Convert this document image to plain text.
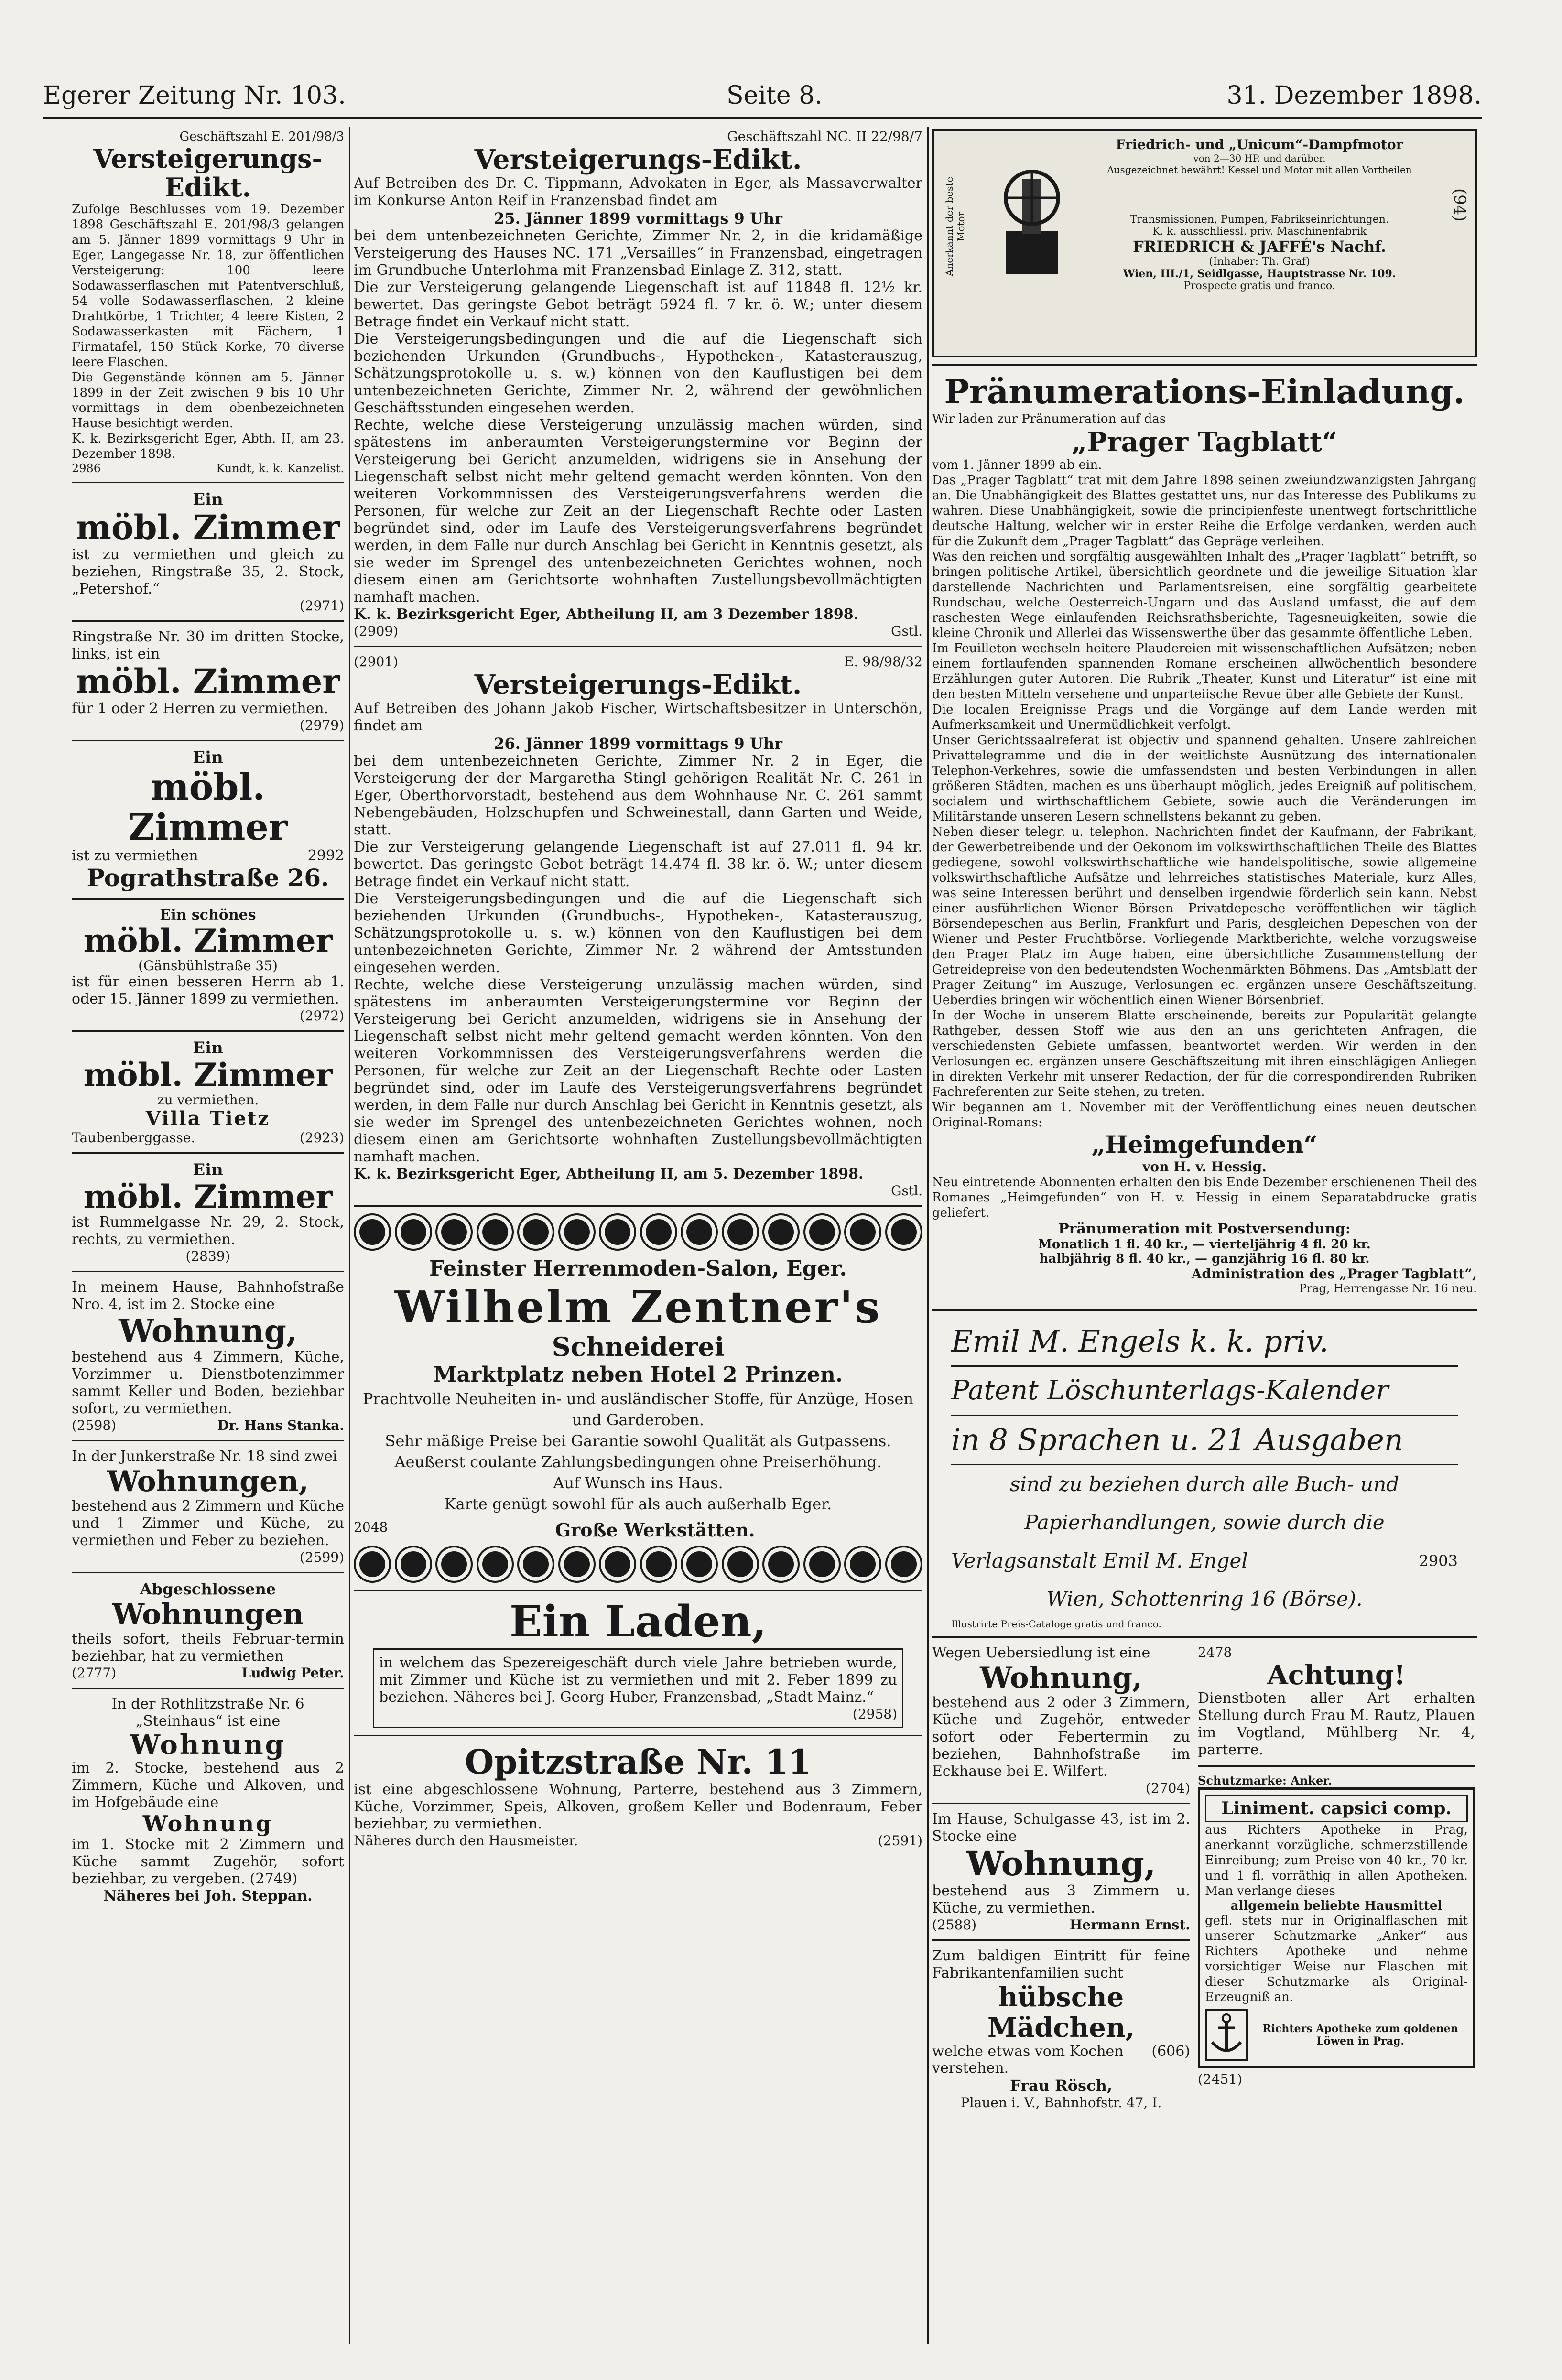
Egerer Zeitung Nr. 103.	Seite 8.	31. Dezember 1898.

Geschäftszahl E. 201/98/3

Versteigerungs-Edikt.

Zufolge Beschlusses vom 19. Dezember 1898 Geschäftszahl E. 201/98/3 gelangen am 5. Jänner 1899 vormittags 9 Uhr in Eger, Langegasse Nr. 18, zur öffentlichen Versteigerung: 100 leere Sodawasserflaschen mit Patentverschluß, 54 volle Sodawasserflaschen, 2 kleine Drahtkörbe, 1 Trichter, 4 leere Kisten, 2 Sodawasserkasten mit Fächern, 1 Firmatafel, 150 Stück Korke, 70 diverse leere Flaschen.

Die Gegenstände können am 5. Jänner 1899 in der Zeit zwischen 9 bis 10 Uhr vormittags in dem obenbezeichneten Hause besichtigt werden.

K. k. Bezirksgericht Eger, Abth. II, am 23. Dezember 1898.

2986	Kundt, k. k. Kanzelist.

Ein

möbl. Zimmer

ist zu vermiethen und gleich zu beziehen, Ringstraße 35, 2. Stock, „Petershof.“

(2971)

Ringstraße Nr. 30 im dritten Stocke, links, ist ein

möbl. Zimmer

für 1 oder 2 Herren zu vermiethen.

(2979)

Ein

möbl. Zimmer

ist zu vermiethen	2992

Pograthstraße 26.

Ein schönes

möbl. Zimmer

(Gänsbühlstraße 35)

ist für einen besseren Herrn ab 1. oder 15. Jänner 1899 zu vermiethen.

(2972)

Ein

möbl. Zimmer

zu vermiethen.

Villa Tietz

Taubenberggasse.	(2923)

Ein

möbl. Zimmer

ist Rummelgasse Nr. 29, 2. Stock, rechts, zu vermiethen.

(2839)

In meinem Hause, Bahnhofstraße Nro. 4, ist im 2. Stocke eine

Wohnung,

bestehend aus 4 Zimmern, Küche, Vorzimmer u. Dienstbotenzimmer sammt Keller und Boden, beziehbar sofort, zu vermiethen.

(2598)	Dr. Hans Stanka.

In der Junkerstraße Nr. 18 sind zwei

Wohnungen,

bestehend aus 2 Zimmern und Küche und 1 Zimmer und Küche, zu vermiethen und Feber zu beziehen.

(2599)

Abgeschlossene

Wohnungen

theils sofort, theils Februar-termin beziehbar, hat zu vermiethen

(2777)	Ludwig Peter.

In der Rothlitzstraße Nr. 6 „Steinhaus“ ist eine

Wohnung

im 2. Stocke, bestehend aus 2 Zimmern, Küche und Alkoven, und im Hofgebäude eine

Wohnung

im 1. Stocke mit 2 Zimmern und Küche sammt Zugehör, sofort beziehbar, zu vergeben. (2749)

Näheres bei Joh. Steppan.

Geschäftszahl NC. II 22/98/7

Versteigerungs-Edikt.

Auf Betreiben des Dr. C. Tippmann, Advokaten in Eger, als Massaverwalter im Konkurse Anton Reif in Franzensbad findet am

25. Jänner 1899 vormittags 9 Uhr

bei dem untenbezeichneten Gerichte, Zimmer Nr. 2, in die kridamäßige Versteigerung des Hauses NC. 171 „Versailles“ in Franzensbad, eingetragen im Grundbuche Unterlohma mit Franzensbad Einlage Z. 312, statt.

Die zur Versteigerung gelangende Liegenschaft ist auf 11848 fl. 12½ kr. bewertet. Das geringste Gebot beträgt 5924 fl. 7 kr. ö. W.; unter diesem Betrage findet ein Verkauf nicht statt.

Die Versteigerungsbedingungen und die auf die Liegenschaft sich beziehenden Urkunden (Grundbuchs-, Hypotheken-, Katasterauszug, Schätzungsprotokolle u. s. w.) können von den Kauflustigen bei dem untenbezeichneten Gerichte, Zimmer Nr. 2, während der gewöhnlichen Geschäftsstunden eingesehen werden.

Rechte, welche diese Versteigerung unzulässig machen würden, sind spätestens im anberaumten Versteigerungstermine vor Beginn der Versteigerung bei Gericht anzumelden, widrigens sie in Ansehung der Liegenschaft selbst nicht mehr geltend gemacht werden könnten. Von den weiteren Vorkommnissen des Versteigerungsverfahrens werden die Personen, für welche zur Zeit an der Liegenschaft Rechte oder Lasten begründet sind, oder im Laufe des Versteigerungsverfahrens begründet werden, in dem Falle nur durch Anschlag bei Gericht in Kenntnis gesetzt, als sie weder im Sprengel des untenbezeichneten Gerichtes wohnen, noch diesem einen am Gerichtsorte wohnhaften Zustellungsbevollmächtigten namhaft machen.

K. k. Bezirksgericht Eger, Abtheilung II, am 3 Dezember 1898.

(2909)	Gstl.
(2901)	E. 98/98/32

Versteigerungs-Edikt.

Auf Betreiben des Johann Jakob Fischer, Wirtschaftsbesitzer in Unterschön, findet am

26. Jänner 1899 vormittags 9 Uhr

bei dem untenbezeichneten Gerichte, Zimmer Nr. 2 in Eger, die Versteigerung der der Margaretha Stingl gehörigen Realität Nr. C. 261 in Eger, Oberthorvorstadt, bestehend aus dem Wohnhause Nr. C. 261 sammt Nebengebäuden, Holzschupfen und Schweinestall, dann Garten und Weide, statt.

Die zur Versteigerung gelangende Liegenschaft ist auf 27.011 fl. 94 kr. bewertet. Das geringste Gebot beträgt 14.474 fl. 38 kr. ö. W.; unter diesem Betrage findet ein Verkauf nicht statt.

Die Versteigerungsbedingungen und die auf die Liegenschaft sich beziehenden Urkunden (Grundbuchs-, Hypotheken-, Katasterauszug, Schätzungsprotokolle u. s. w.) können von den Kauflustigen bei dem untenbezeichneten Gerichte, Zimmer Nr. 2 während der Amtsstunden eingesehen werden.

Rechte, welche diese Versteigerung unzulässig machen würden, sind spätestens im anberaumten Versteigerungstermine vor Beginn der Versteigerung bei Gericht anzumelden, widrigens sie in Ansehung der Liegenschaft selbst nicht mehr geltend gemacht werden könnten. Von den weiteren Vorkommnissen des Versteigerungsverfahrens werden die Personen, für welche zur Zeit an der Liegenschaft Rechte oder Lasten begründet sind, oder im Laufe des Versteigerungsverfahrens begründet werden, in dem Falle nur durch Anschlag bei Gericht in Kenntnis gesetzt, als sie weder im Sprengel des untenbezeichneten Gerichtes wohnen, noch diesem einen am Gerichtsorte wohnhaften Zustellungsbevollmächtigten namhaft machen.

K. k. Bezirksgericht Eger, Abtheilung II, am 5. Dezember 1898.

Gstl.

Feinster Herrenmoden-Salon, Eger.

Wilhelm Zentner's

Schneiderei

Marktplatz neben Hotel 2 Prinzen.

Prachtvolle Neuheiten in- und ausländischer Stoffe, für Anzüge, Hosen und Garderoben.

Sehr mäßige Preise bei Garantie sowohl Qualität als Gutpassens.

Aeußerst coulante Zahlungsbedingungen ohne Preiserhöhung.

Auf Wunsch ins Haus.

Karte genügt sowohl für als auch außerhalb Eger.

2048	Große Werkstätten.

Ein Laden,

in welchem das Spezereigeschäft durch viele Jahre betrieben wurde, mit Zimmer und Küche ist zu vermiethen und mit 2. Feber 1899 zu beziehen. Näheres bei J. Georg Huber, Franzensbad, „Stadt Mainz.“

(2958)

Opitzstraße Nr. 11

ist eine abgeschlossene Wohnung, Parterre, bestehend aus 3 Zimmern, Küche, Vorzimmer, Speis, Alkoven, großem Keller und Bodenraum, Feber beziehbar, zu vermiethen.

Näheres durch den Hausmeister.	(2591)
Anerkannt der beste Motor

Friedrich- und „Unicum“-Dampfmotor

von 2—30 HP. und darüber.

Ausgezeichnet bewährt! Kessel und Motor mit allen Vortheilen

Transmissionen, Pumpen, Fabrikseinrichtungen.

K. k. ausschliessl. priv. Maschinenfabrik

FRIEDRICH & JAFFÉ's Nachf.

(Inhaber: Th. Graf)

Wien, III./1, Seidlgasse, Hauptstrasse Nr. 109.

Prospecte gratis und franco.

(94)

Pränumerations-Einladung.

Wir laden zur Pränumeration auf das

„Prager Tagblatt“

vom 1. Jänner 1899 ab ein.

Das „Prager Tagblatt“ trat mit dem Jahre 1898 seinen zweiundzwanzigsten Jahrgang an. Die Unabhängigkeit des Blattes gestattet uns, nur das Interesse des Publikums zu wahren. Diese Unabhängigkeit, sowie die principienfeste unentwegt fortschrittliche deutsche Haltung, welcher wir in erster Reihe die Erfolge verdanken, werden auch für die Zukunft dem „Prager Tagblatt“ das Gepräge verleihen.

Was den reichen und sorgfältig ausgewählten Inhalt des „Prager Tagblatt“ betrifft, so bringen politische Artikel, übersichtlich geordnete und die jeweilige Situation klar darstellende Nachrichten und Parlamentsreisen, eine sorgfältig gearbeitete Rundschau, welche Oesterreich-Ungarn und das Ausland umfasst, die auf dem raschesten Wege einlaufenden Reichsrathsberichte, Tagesneuigkeiten, sowie die kleine Chronik und Allerlei das Wissenswerthe über das gesammte öffentliche Leben.

Im Feuilleton wechseln heitere Plaudereien mit wissenschaftlichen Aufsätzen; neben einem fortlaufenden spannenden Romane erscheinen allwöchentlich besondere Erzählungen guter Autoren. Die Rubrik „Theater, Kunst und Literatur“ ist eine mit den besten Mitteln versehene und unparteiische Revue über alle Gebiete der Kunst.

Die localen Ereignisse Prags und die Vorgänge auf dem Lande werden mit Aufmerksamkeit und Unermüdlichkeit verfolgt.

Unser Gerichtssaalreferat ist objectiv und spannend gehalten. Unsere zahlreichen Privattelegramme und die in der weitlichste Ausnützung des internationalen Telephon-Verkehres, sowie die umfassendsten und besten Verbindungen in allen größeren Städten, machen es uns überhaupt möglich, jedes Ereigniß auf politischem, socialem und wirthschaftlichem Gebiete, sowie auch die Veränderungen im Militärstande unseren Lesern schnellstens bekannt zu geben.

Neben dieser telegr. u. telephon. Nachrichten findet der Kaufmann, der Fabrikant, der Gewerbetreibende und der Oekonom im volkswirthschaftlichen Theile des Blattes gediegene, sowohl volkswirthschaftliche wie handelspolitische, sowie allgemeine volkswirthschaftliche Aufsätze und lehrreiches statistisches Materiale, kurz Alles, was seine Interessen berührt und denselben irgendwie förderlich sein kann. Nebst einer ausführlichen Wiener Börsen- Privatdepesche veröffentlichen wir täglich Börsendepeschen aus Berlin, Frankfurt und Paris, desgleichen Depeschen von der Wiener und Pester Fruchtbörse. Vorliegende Marktberichte, welche vorzugsweise den Prager Platz im Auge haben, eine übersichtliche Zusammenstellung der Getreidepreise von den bedeutendsten Wochenmärkten Böhmens. Das „Amtsblatt der Prager Zeitung“ im Auszuge, Verlosungen ec. ergänzen unsere Geschäftszeitung. Ueberdies bringen wir wöchentlich einen Wiener Börsenbrief.

In der Woche in unserem Blatte erscheinende, bereits zur Popularität gelangte Rathgeber, dessen Stoff wie aus den an uns gerichteten Anfragen, die verschiedensten Gebiete umfassen, beantwortet werden. Wir werden in den Verlosungen ec. ergänzen unsere Geschäftszeitung mit ihren einschlägigen Anliegen in direkten Verkehr mit unserer Redaction, der für die correspondirenden Rubriken Fachreferenten zur Seite stehen, zu treten.

Wir begannen am 1. November mit der Veröffentlichung eines neuen deutschen Original-Romans:

„Heimgefunden“

von H. v. Hessig.

Neu eintretende Abonnenten erhalten den bis Ende Dezember erschienenen Theil des Romanes „Heimgefunden“ von H. v. Hessig in einem Separatabdrucke gratis geliefert.

Pränumeration mit Postversendung:

Monatlich 1 fl. 40 kr., — vierteljährig 4 fl. 20 kr.

halbjährig 8 fl. 40 kr., — ganzjährig 16 fl. 80 kr.

Administration des „Prager Tagblatt“,

Prag, Herrengasse Nr. 16 neu.

Emil M. Engels k. k. priv.

Patent Löschunterlags-Kalender

in 8 Sprachen u. 21 Ausgaben

sind zu beziehen durch alle Buch- und

Papierhandlungen, sowie durch die

Verlagsanstalt Emil M. Engel	2903

Wien, Schottenring 16 (Börse).

Illustrirte Preis-Cataloge gratis und franco.

Wegen Uebersiedlung ist eine

Wohnung,

bestehend aus 2 oder 3 Zimmern, Küche und Zugehör, entweder sofort oder Febertermin zu beziehen, Bahnhofstraße im Eckhause bei E. Wilfert.

(2704)

Im Hause, Schulgasse 43, ist im 2. Stocke eine

Wohnung,

bestehend aus 3 Zimmern u. Küche, zu vermiethen.

(2588)	Hermann Ernst.

Zum baldigen Eintritt für feine Fabrikantenfamilien sucht

hübsche Mädchen,

welche etwas vom Kochen verstehen.
(606)

Frau Rösch,

Plauen i. V., Bahnhofstr. 47, I.

2478

Achtung!

Dienstboten aller Art erhalten Stellung durch Frau M. Rautz, Plauen im Vogtland, Mühlberg Nr. 4, parterre.

Schutzmarke: Anker.

Liniment. capsici comp.

aus Richters Apotheke in Prag, anerkannt vorzügliche, schmerzstillende Einreibung; zum Preise von 40 kr., 70 kr. und 1 fl. vorräthig in allen Apotheken. Man verlange dieses

allgemein beliebte Hausmittel

gefl. stets nur in Originalflaschen mit unserer Schutzmarke „Anker“ aus Richters Apotheke und nehme vorsichtiger Weise nur Flaschen mit dieser Schutzmarke als Original-Erzeugniß an.

Richters Apotheke zum goldenen Löwen in Prag.

(2451)
